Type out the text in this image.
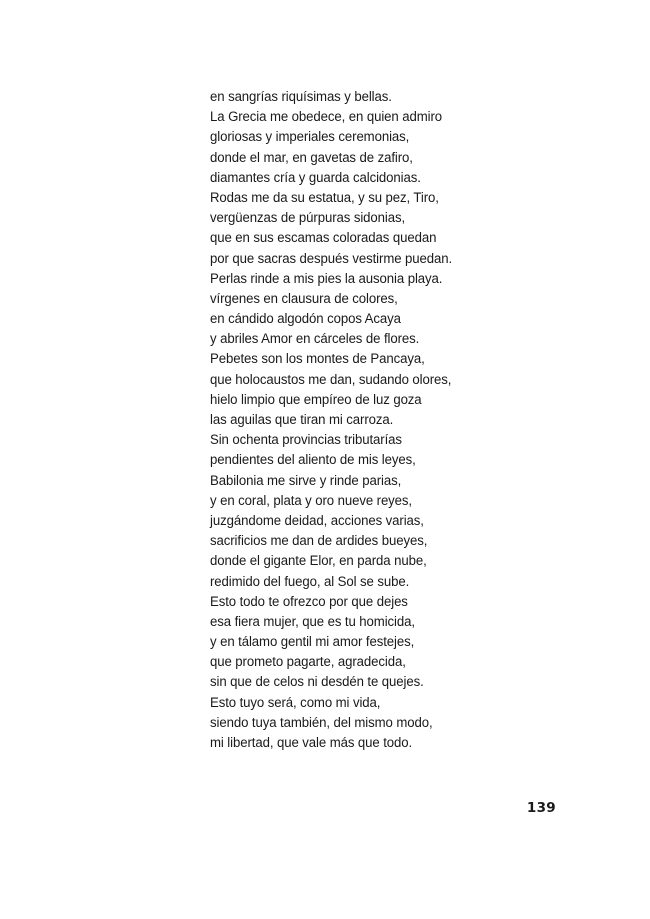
en sangrías riquísimas y bellas.
La Grecia me obedece, en quien admiro
gloriosas y imperiales ceremonias,
donde el mar, en gavetas de zafiro,
diamantes cría y guarda calcidonias.
Rodas me da su estatua, y su pez, Tiro,
vergüenzas de púrpuras sidonias,
que en sus escamas coloradas quedan
por que sacras después vestirme puedan.
Perlas rinde a mis pies la ausonia playa.
vírgenes en clausura de colores,
en cándido algodón copos Acaya
y abriles Amor en cárceles de flores.
Pebetes son los montes de Pancaya,
que holocaustos me dan, sudando olores,
hielo limpio que empíreo de luz goza
las aguilas que tiran mi carroza.
Sin ochenta provincias tributarías
pendientes del aliento de mis leyes,
Babilonia me sirve y rinde parias,
y en coral, plata y oro nueve reyes,
juzgándome deidad, acciones varias,
sacrificios me dan de ardides bueyes,
donde el gigante Elor, en parda nube,
redimido del fuego, al Sol se sube.
Esto todo te ofrezco por que dejes
esa fiera mujer, que es tu homicida,
y en tálamo gentil mi amor festejes,
que prometo pagarte, agradecida,
sin que de celos ni desdén te quejes.
Esto tuyo será, como mi vida,
siendo tuya también, del mismo modo,
mi libertad, que vale más que todo.
139
